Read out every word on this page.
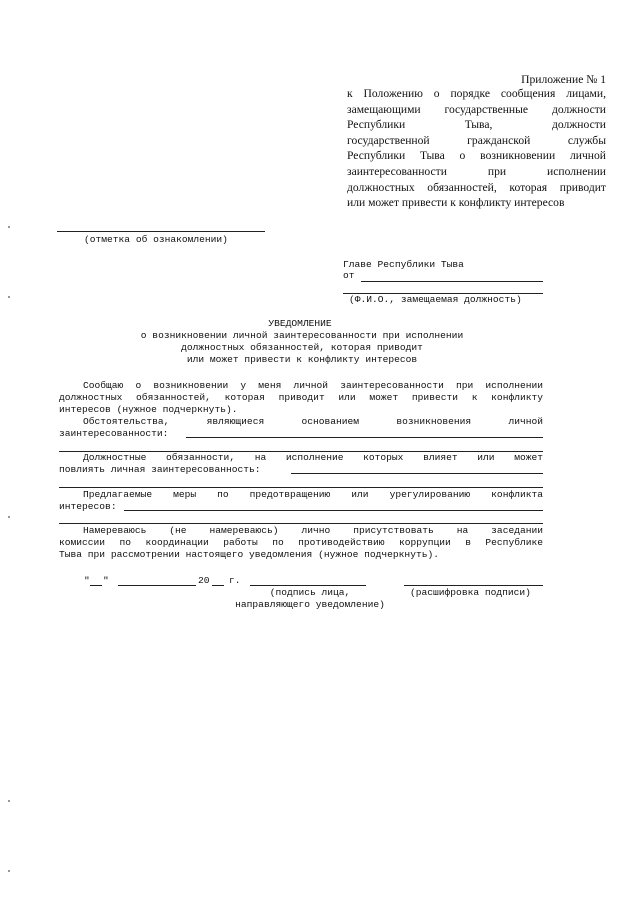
Приложение № 1
к Положению о порядке сообщения лицами,
замещающими государственные должности
Республики Тыва, должности
государственной гражданской службы
Республики Тыва о возникновении личной
заинтересованности при исполнении
должностных обязанностей, которая приводит
или может привести к конфликту интересов
(отметка об ознакомлении)
Главе Республики Тыва
от
(Ф.И.О., замещаемая должность)
УВЕДОМЛЕНИЕ
о возникновении личной заинтересованности при исполнении
должностных обязанностей, которая приводит
или может привести к конфликту интересов
Сообщаю о возникновении у меня личной заинтересованности при исполнении
должностных обязанностей, которая приводит или может привести к конфликту
интересов (нужное подчеркнуть).
Обстоятельства, являющиеся основанием возникновения личной
заинтересованности:
Должностные обязанности, на исполнение которых влияет или может
повлиять личная заинтересованность:
Предлагаемые меры по предотвращению или урегулированию конфликта
интересов:
Намереваюсь (не намереваюсь) лично присутствовать на заседании
комиссии по координации работы по противодействию коррупции в Республике
Тыва при рассмотрении настоящего уведомления (нужное подчеркнуть).
" "	20 г.
(подпись лица,
направляющего уведомление)
(расшифровка подписи)
